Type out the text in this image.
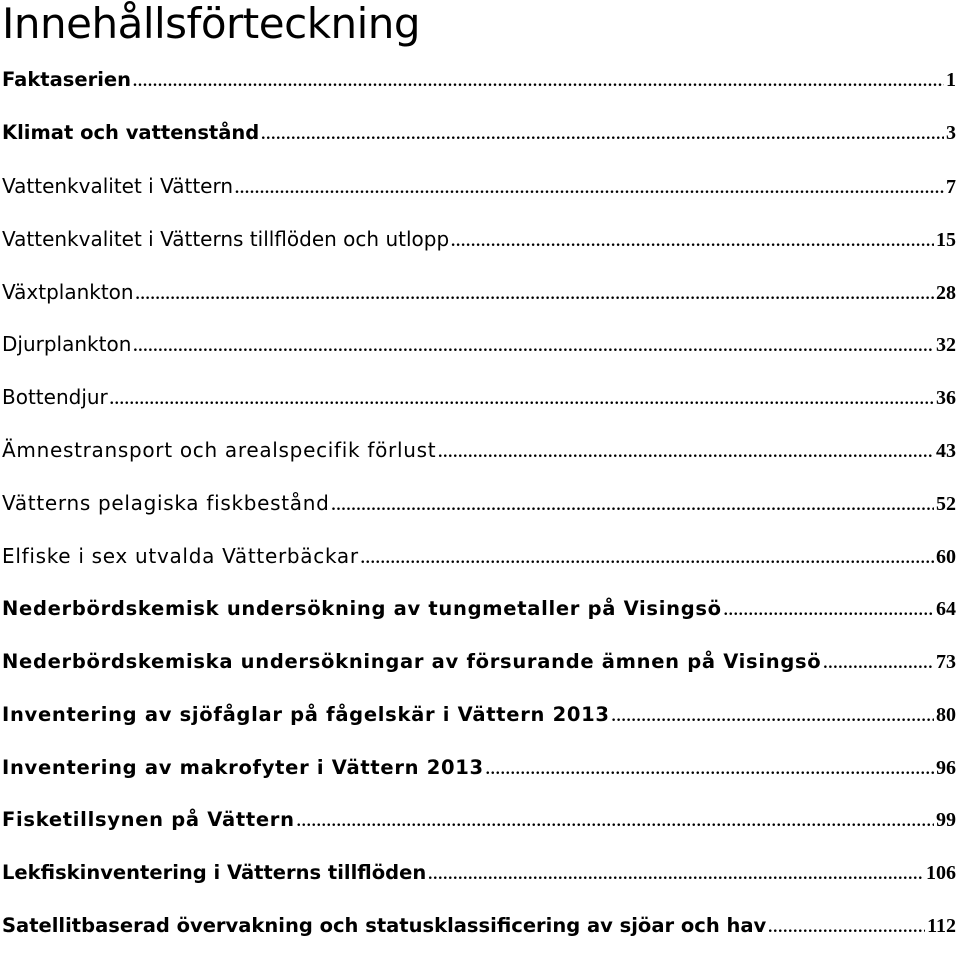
Innehållsförteckning
Faktaserien .....	1
Klimat och vattenstånd .....	3
Vattenkvalitet i Vättern .....	7
Vattenkvalitet i Vätterns tillflöden och utlopp .....	15
Växtplankton .....	28
Djurplankton .....	32
Bottendjur .....	36
Ämnestransport och arealspecifik förlust .....	43
Vätterns pelagiska fiskbestånd .....	52
Elfiske i sex utvalda Vätterbäckar .....	60
Nederbördskemisk undersökning av tungmetaller på Visingsö .....	64
Nederbördskemiska undersökningar av försurande ämnen på Visingsö .....	73
Inventering av sjöfåglar på fågelskär i Vättern 2013 .....	80
Inventering av makrofyter i Vättern 2013 .....	96
Fisketillsynen på Vättern .....	99
Lekfiskinventering i Vätterns tillflöden .....	106
Satellitbaserad övervakning och statusklassificering av sjöar och hav .....	112
